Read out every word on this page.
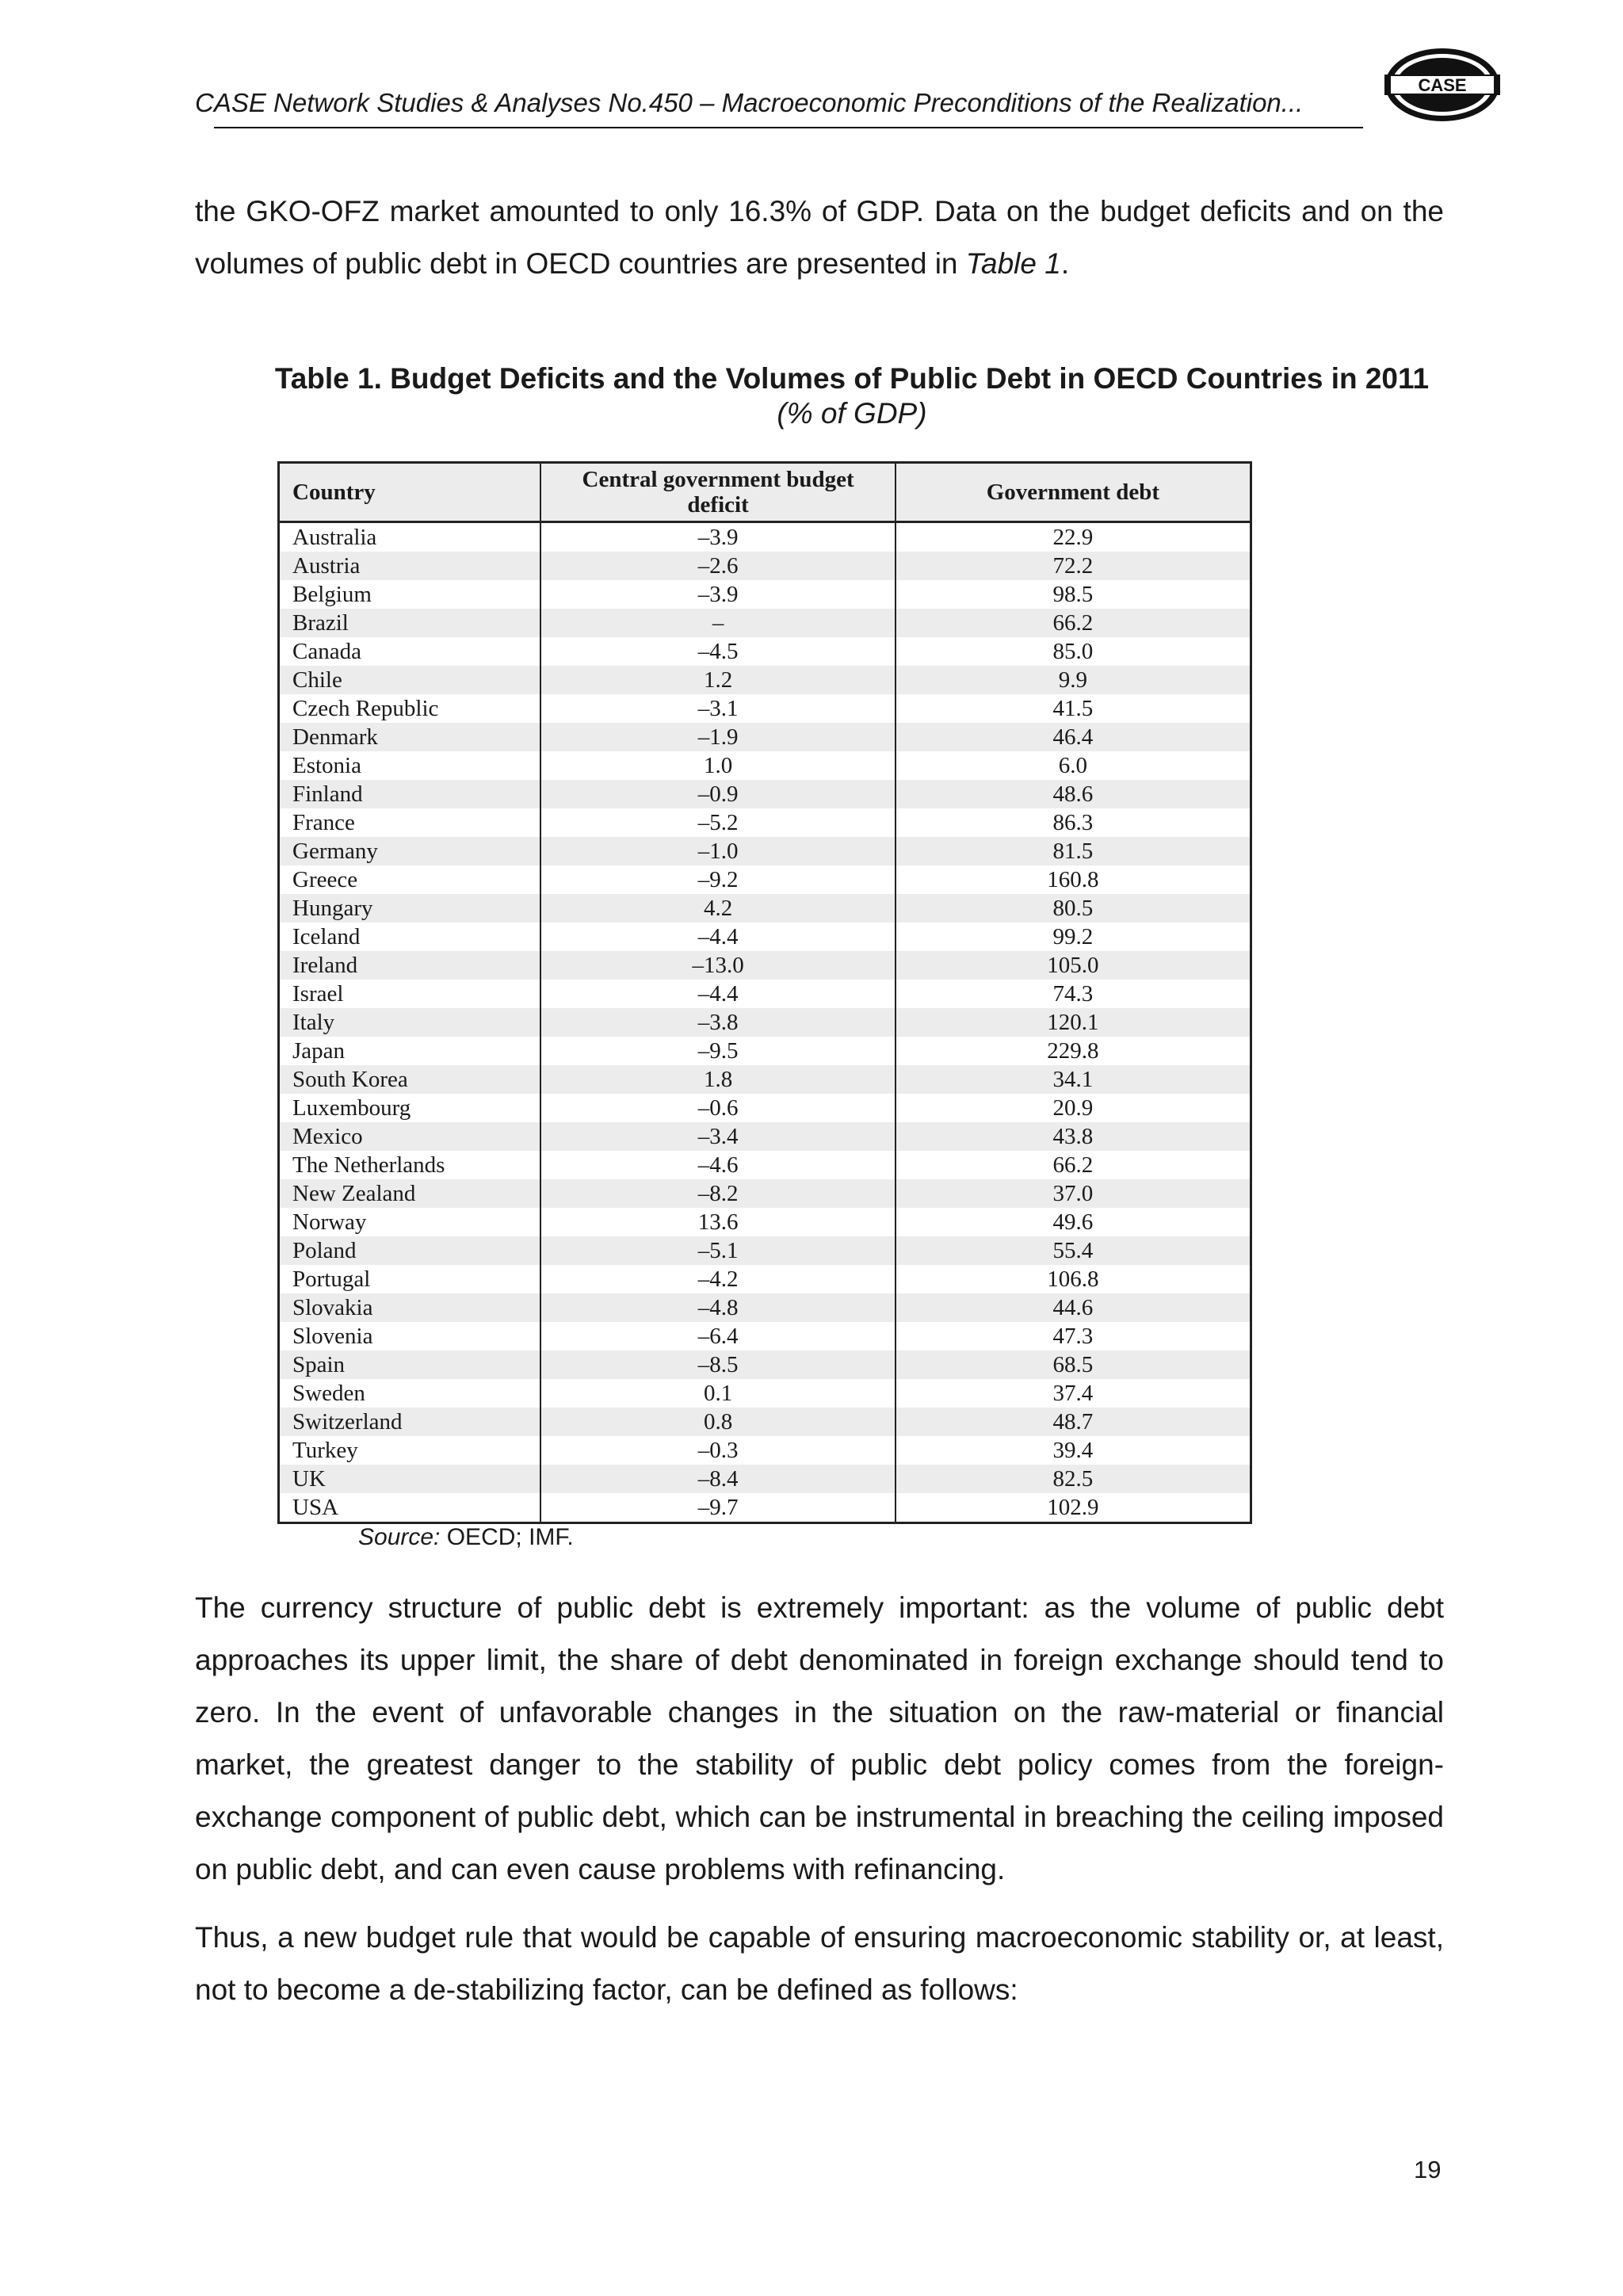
CASE Network Studies & Analyses No.450 – Macroeconomic Preconditions of the Realization...
CASE

the GKO-OFZ market amounted to only 16.3% of GDP. Data on the budget deficits and on the volumes of public debt in OECD countries are presented in Table 1.

Table 1. Budget Deficits and the Volumes of Public Debt in OECD Countries in 2011 (% of GDP)
Country	Central government budget deficit	Government debt
Australia	–3.9	22.9
Austria	–2.6	72.2
Belgium	–3.9	98.5
Brazil	–	66.2
Canada	–4.5	85.0
Chile	1.2	9.9
Czech Republic	–3.1	41.5
Denmark	–1.9	46.4
Estonia	1.0	6.0
Finland	–0.9	48.6
France	–5.2	86.3
Germany	–1.0	81.5
Greece	–9.2	160.8
Hungary	4.2	80.5
Iceland	–4.4	99.2
Ireland	–13.0	105.0
Israel	–4.4	74.3
Italy	–3.8	120.1
Japan	–9.5	229.8
South Korea	1.8	34.1
Luxembourg	–0.6	20.9
Mexico	–3.4	43.8
The Netherlands	–4.6	66.2
New Zealand	–8.2	37.0
Norway	13.6	49.6
Poland	–5.1	55.4
Portugal	–4.2	106.8
Slovakia	–4.8	44.6
Slovenia	–6.4	47.3
Spain	–8.5	68.5
Sweden	0.1	37.4
Switzerland	0.8	48.7
Turkey	–0.3	39.4
UK	–8.4	82.5
USA	–9.7	102.9
Source: OECD; IMF.

The currency structure of public debt is extremely important: as the volume of public debt approaches its upper limit, the share of debt denominated in foreign exchange should tend to zero. In the event of unfavorable changes in the situation on the raw-material or financial market, the greatest danger to the stability of public debt policy comes from the foreign-exchange component of public debt, which can be instrumental in breaching the ceiling imposed on public debt, and can even cause problems with refinancing.

Thus, a new budget rule that would be capable of ensuring macroeconomic stability or, at least, not to become a de-stabilizing factor, can be defined as follows:

19
